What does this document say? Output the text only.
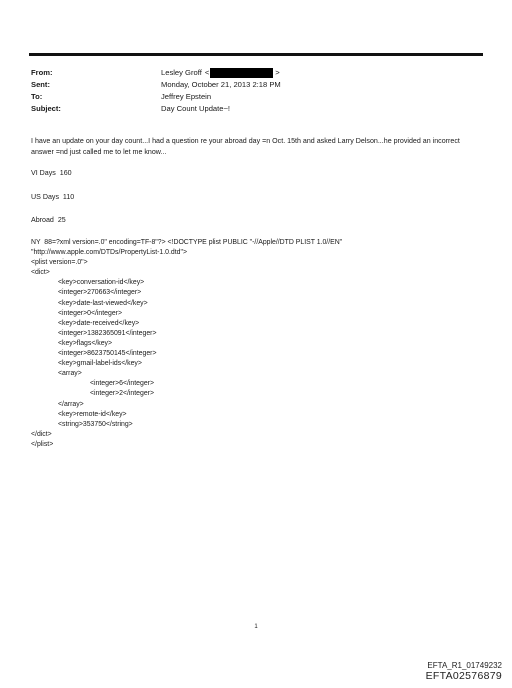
From:	Lesley Groff <	>
Sent:	Monday, October 21, 2013 2:18 PM
To:	Jeffrey Epstein
Subject:	Day Count Update~!
I have an update on your day count...I had a question re your abroad day =n Oct. 15th and asked Larry Delson...he provided an incorrect answer =nd just called me to let me know...
VI Days  160
US Days  110
Abroad  25
NY  88=?xml version=.0" encoding=TF-8"?> <!DOCTYPE plist PUBLIC "-//Apple//DTD PLIST 1.0//EN"
"http://www.apple.com/DTDs/PropertyList-1.0.dtd">
<plist version=.0">
<dict>
<key>conversation-id</key>
<integer>270663</integer>
<key>date-last-viewed</key>
<integer>0</integer>
<key>date-received</key>
<integer>1382365091</integer>
<key>flags</key>
<integer>8623750145</integer>
<key>gmail-label-ids</key>
<array>
<integer>6</integer>
<integer>2</integer>
</array>
<key>remote-id</key>
<string>353750</string>
</dict>
</plist>
1
EFTA_R1_01749232
EFTA02576879
